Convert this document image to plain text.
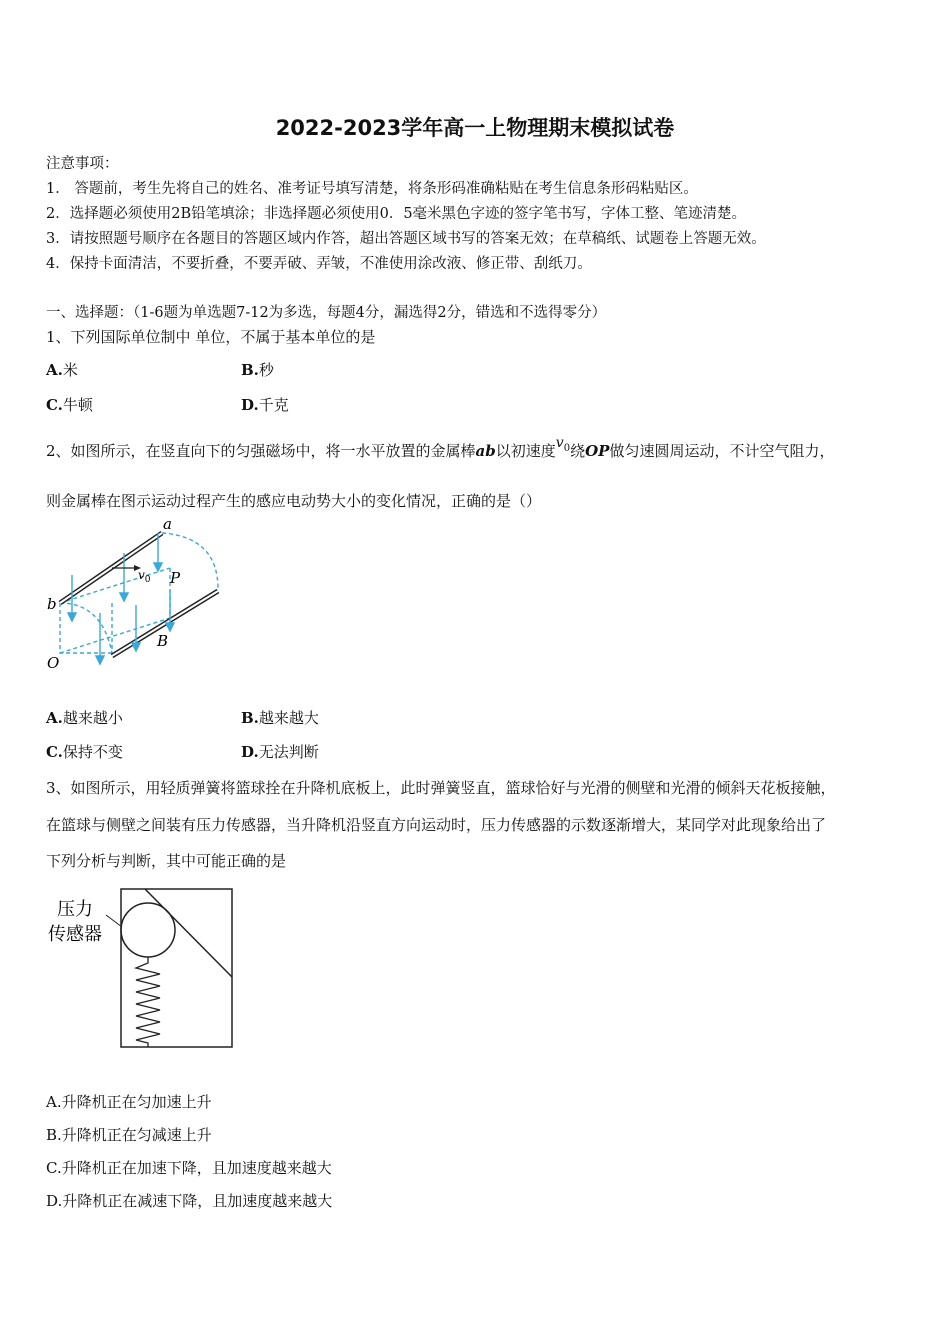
2022-2023学年高一上物理期末模拟试卷
注意事项：
1． 答题前，考生先将自己的姓名、准考证号填写清楚，将条形码准确粘贴在考生信息条形码粘贴区。
2．选择题必须使用2B铅笔填涂；非选择题必须使用0．5毫米黑色字迹的签字笔书写，字体工整、笔迹清楚。
3．请按照题号顺序在各题目的答题区域内作答，超出答题区域书写的答案无效；在草稿纸、试题卷上答题无效。
4．保持卡面清洁，不要折叠，不要弄破、弄皱，不准使用涂改液、修正带、刮纸刀。
一、选择题：（1-6题为单选题7-12为多选，每题4分，漏选得2分，错选和不选得零分）
1、下列国际单位制中 单位，不属于基本单位的是
A.米	B.秒
C.牛顿	D.千克
2、如图所示，在竖直向下的匀强磁场中，将一水平放置的金属棒ab以初速度$v_0$绕OP做匀速圆周运动，不计空气阻力，
则金属棒在图示运动过程产生的感应电动势大小的变化情况，正确的是（）
$v_0$
a
b
P
O
B
A.越来越小	B.越来越大
C.保持不变	D.无法判断
3、如图所示，用轻质弹簧将篮球拴在升降机底板上，此时弹簧竖直，篮球恰好与光滑的侧壁和光滑的倾斜天花板接触，
在篮球与侧壁之间装有压力传感器，当升降机沿竖直方向运动时，压力传感器的示数逐渐增大，某同学对此现象给出了
下列分析与判断，其中可能正确的是
压力
传感器
A.升降机正在匀加速上升
B.升降机正在匀减速上升
C.升降机正在加速下降，且加速度越来越大
D.升降机正在减速下降，且加速度越来越大
